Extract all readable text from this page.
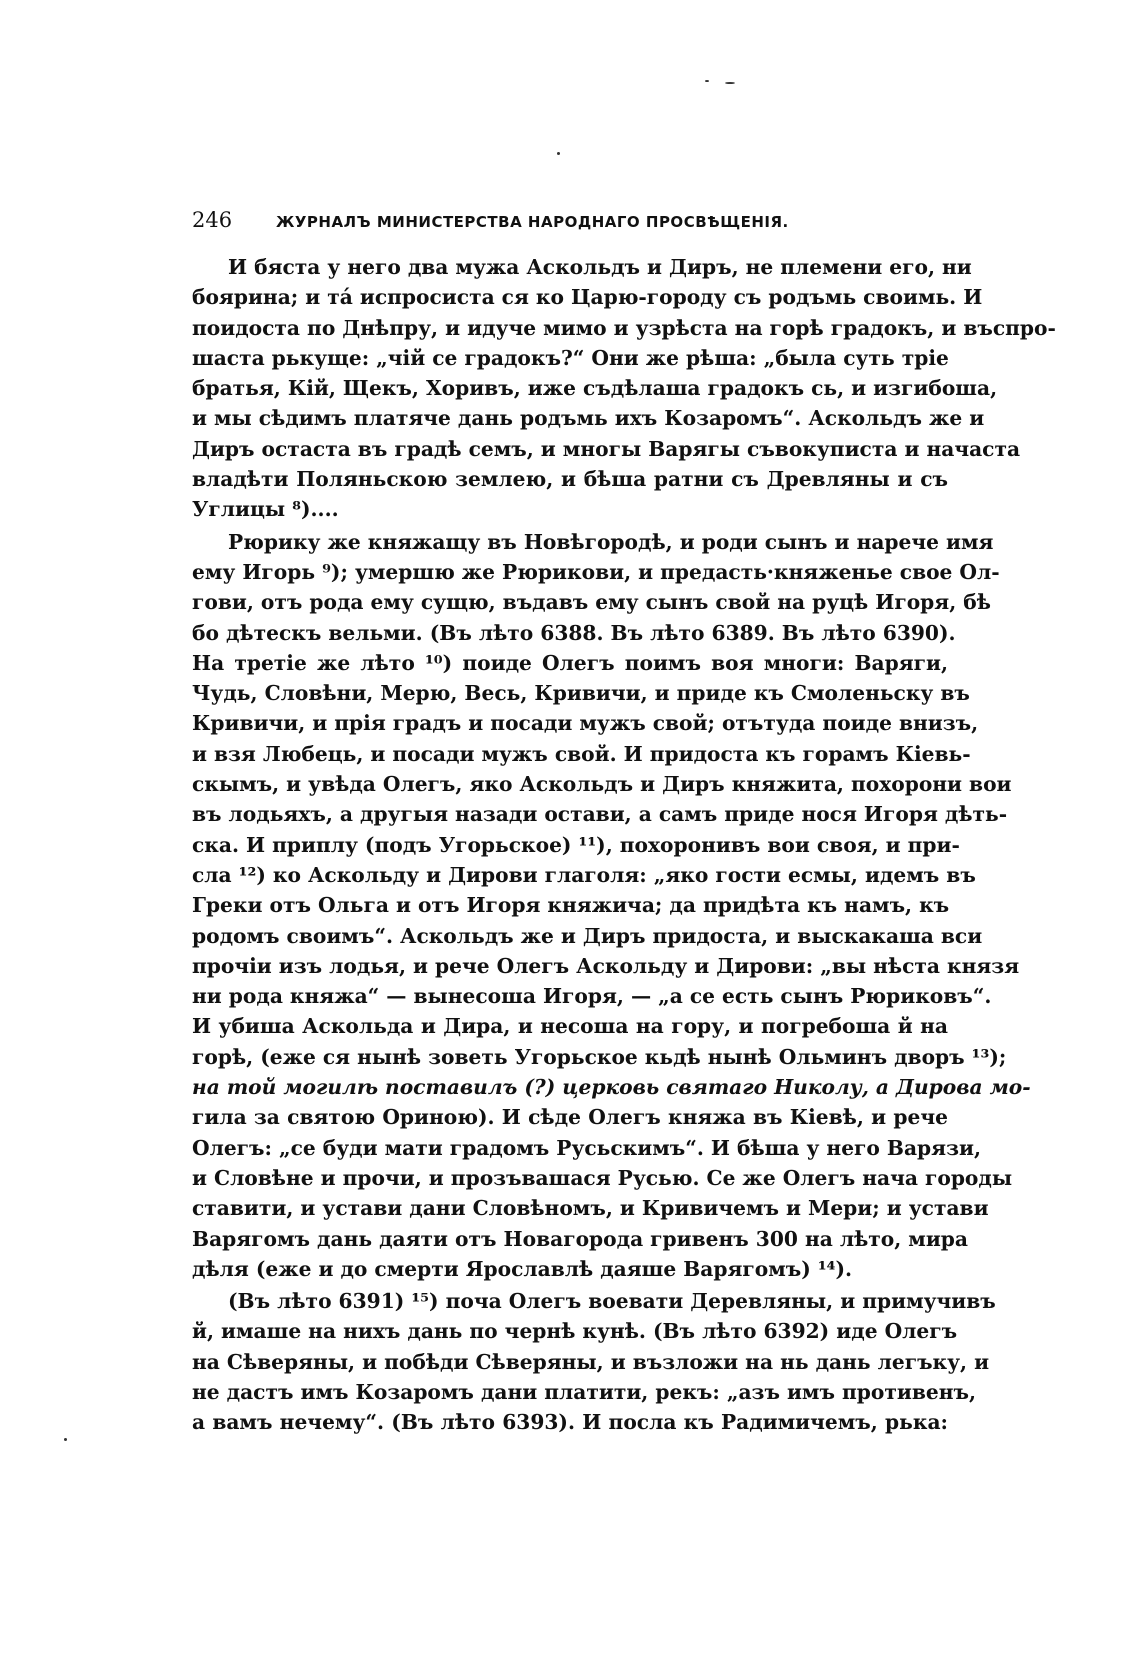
246	ЖУРНАЛЪ МИНИСТЕРСТВА НАРОДНАГО ПРОСВѢЩЕНІЯ.
И бяста у него два мужа Аскольдъ и Диръ, не племени его, ни
боярина; и тá испросиста ся ко Царю-городу съ родъмь своимь. И
поидоста по Днѣпру, и идуче мимо и узрѣста на горѣ градокъ, и въспро-
шаста рькуще: „чій се градокъ?“ Они же рѣша: „была суть тріе
братья, Кій, Щекъ, Хоривъ, иже съдѣлаша градокъ сь, и изгибоша,
и мы сѣдимъ платяче дань родъмь ихъ Козаромъ“. Аскольдъ же и
Диръ остаста въ градѣ семъ, и многы Варягы съвокуписта и начаста
владѣти Поляньскою землею, и бѣша ратни съ Древляны и съ
Углицы ⁸)....
Рюрику же княжащу въ Новѣгородѣ, и роди сынъ и нарече имя
ему Игорь ⁹); умершю же Рюрикови, и предасть·княженье свое Ол-
гови, отъ рода ему сущю, въдавъ ему сынъ свой на руцѣ Игоря, бѣ
бо дѣтескъ вельми. (Въ лѣто 6388. Въ лѣто 6389. Въ лѣто 6390).
На третіе же лѣто ¹⁰) поиде Олегъ поимъ воя многи: Варяги,
Чудь, Словѣни, Мерю, Весь, Кривичи, и приде къ Смоленьску въ
Кривичи, и прія градъ и посади мужъ свой; отътуда поиде внизъ,
и взя Любець, и посади мужъ свой. И придоста къ горамъ Кіевь-
скымъ, и увѣда Олегъ, яко Аскольдъ и Диръ княжита, похорони вои
въ лодьяхъ, а другыя назади остави, а самъ приде нося Игоря дѣть-
ска. И приплу (подъ Угорьское) ¹¹), похоронивъ вои своя, и при-
сла ¹²) ко Аскольду и Дирови глаголя: „яко гости есмы, идемъ въ
Греки отъ Ольга и отъ Игоря княжича; да придѣта къ намъ, къ
родомъ своимъ“. Аскольдъ же и Диръ придоста, и выскакаша вси
прочіи изъ лодья, и рече Олегъ Аскольду и Дирови: „вы нѣста князя
ни рода княжа“ — вынесоша Игоря, — „а се есть сынъ Рюриковъ“.
И убиша Аскольда и Дира, и несоша на гору, и погребоша й на
горѣ, (еже ся нынѣ зоветь Угорьское кьдѣ нынѣ Ольминъ дворъ ¹³);
на той могилѣ поставилъ (?) церковь святаго Николу, а Дирова мо-
гила за святою Ориною). И сѣде Олегъ княжа въ Кіевѣ, и рече
Олегъ: „се буди мати градомъ Русьскимъ“. И бѣша у него Варязи,
и Словѣне и прочи, и прозъвашася Русью. Се же Олегъ нача городы
ставити, и устави дани Словѣномъ, и Кривичемъ и Мери; и устави
Варягомъ дань даяти отъ Новагорода гривенъ 300 на лѣто, мира
дѣля (еже и до смерти Ярославлѣ даяше Варягомъ) ¹⁴).
(Въ лѣто 6391) ¹⁵) поча Олегъ воевати Деревляны, и примучивъ
й, имаше на нихъ дань по чернѣ кунѣ. (Въ лѣто 6392) иде Олегъ
на Сѣверяны, и побѣди Сѣверяны, и възложи на нь дань легъку, и
не дастъ имъ Козаромъ дани платити, рекъ: „азъ имъ противенъ,
а вамъ нечему“. (Въ лѣто 6393). И посла къ Радимичемъ, рька:
